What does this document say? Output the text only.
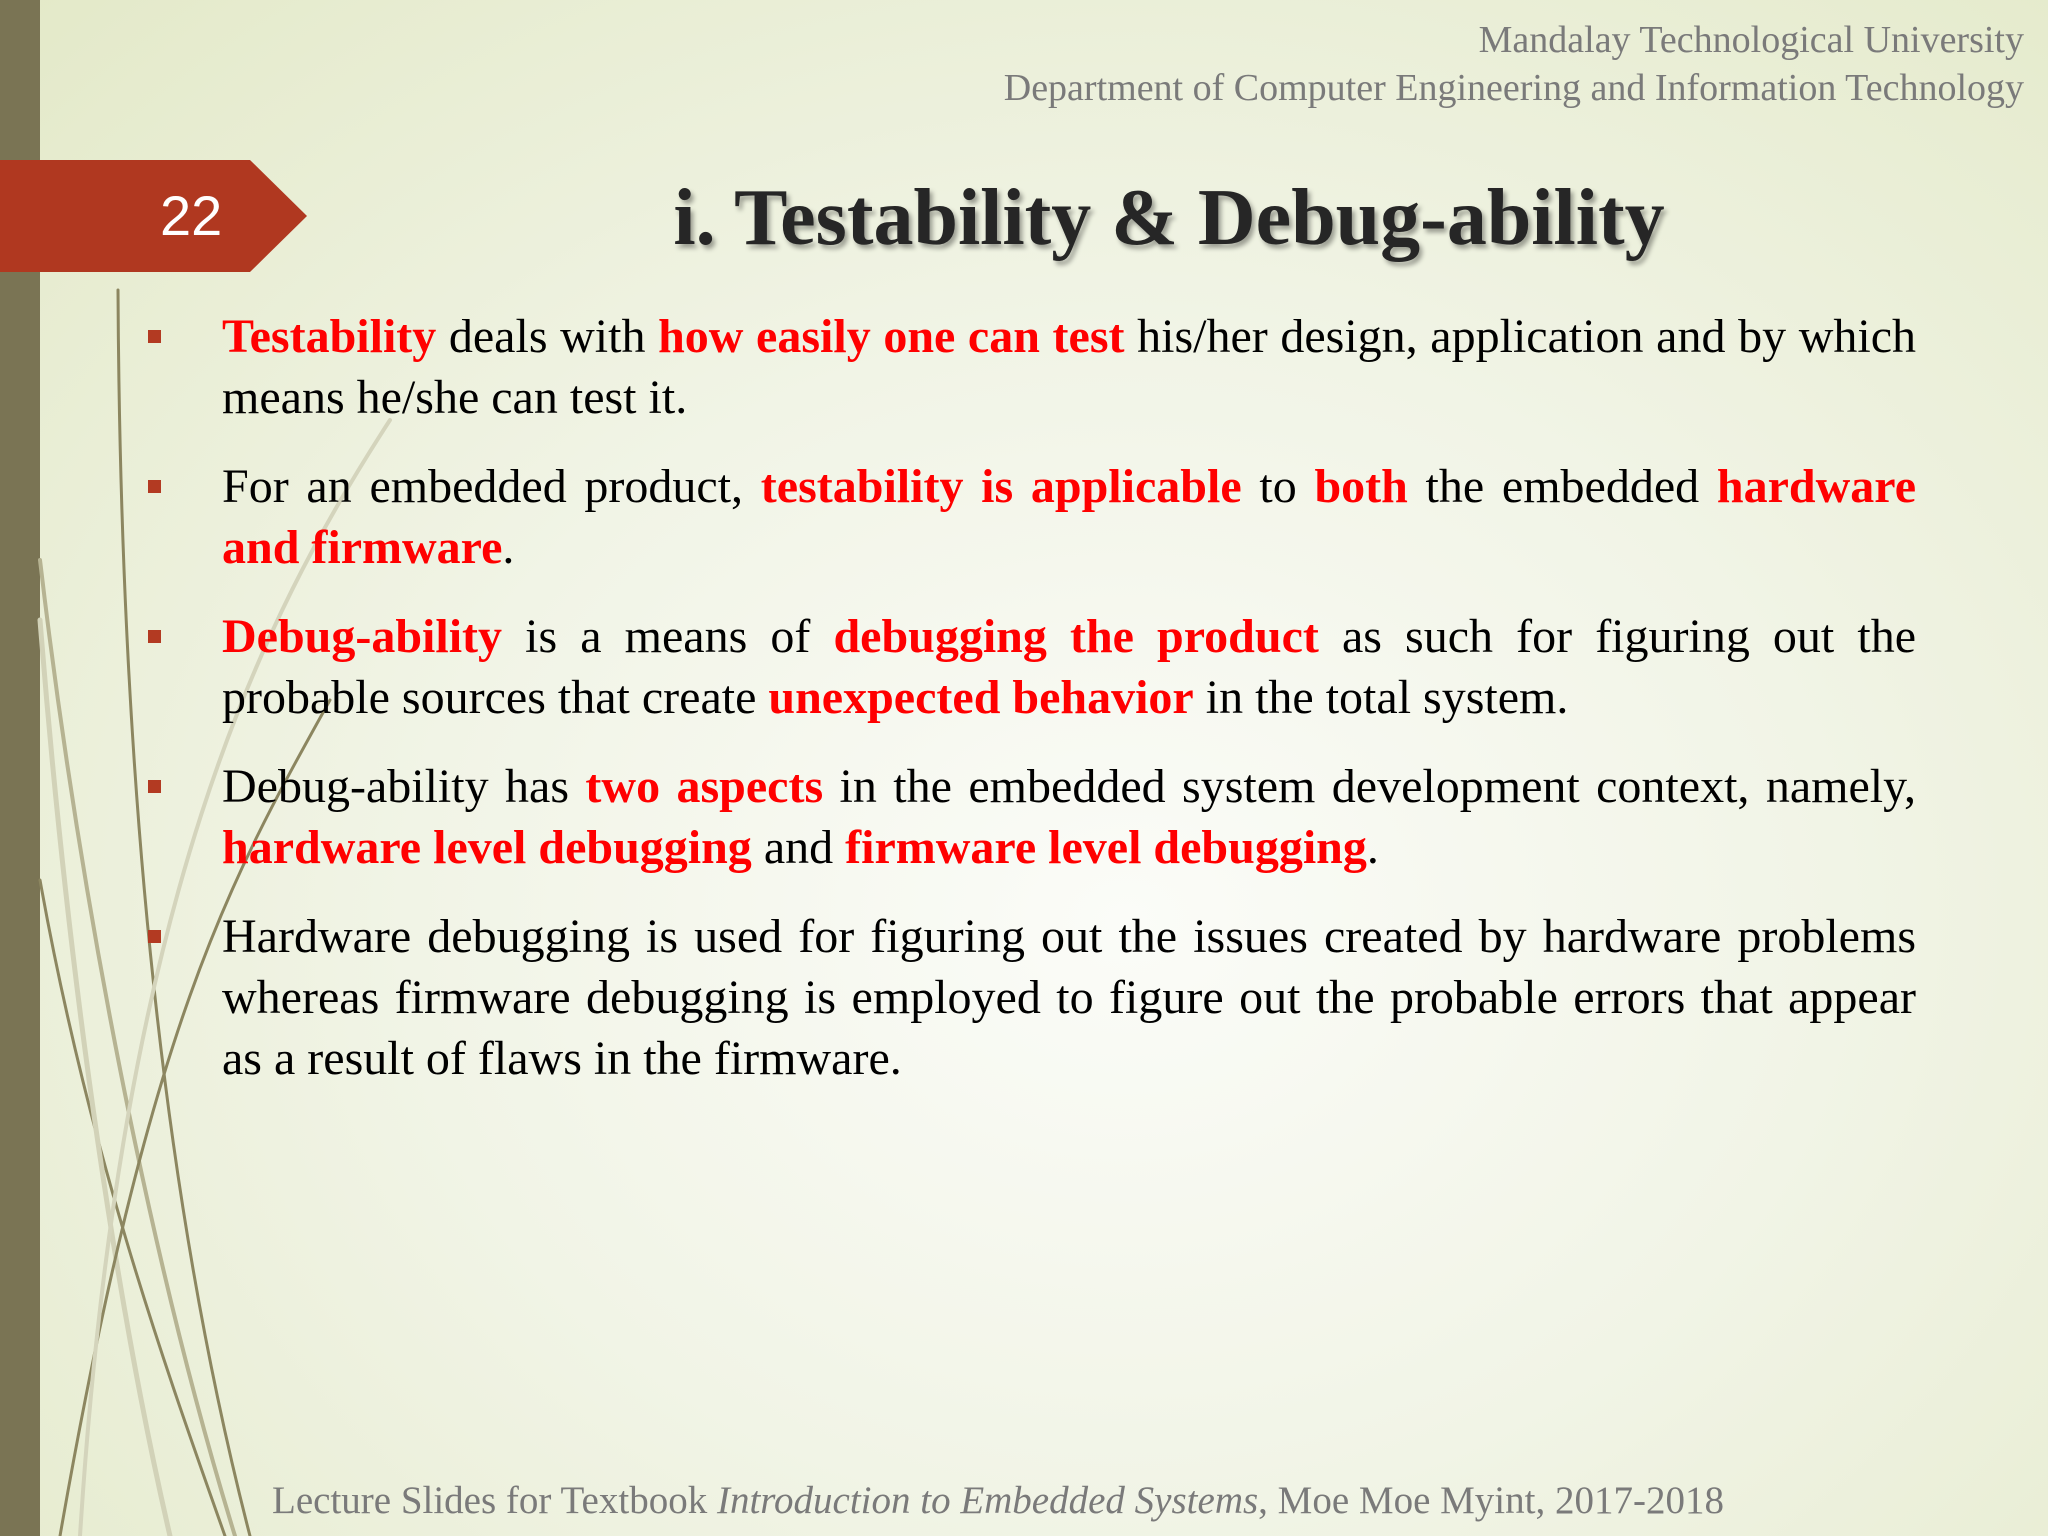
Mandalay Technological University
Department of Computer Engineering and Information Technology
22	i. Testability & Debug-ability
Testability deals with how easily one can test his/her design, application and by which means he/she can test it.
For an embedded product, testability is applicable to both the embedded hardware and firmware.
Debug-ability is a means of debugging the product as such for figuring out the probable sources that create unexpected behavior in the total system.
Debug-ability has two aspects in the embedded system development context, namely, hardware level debugging and firmware level debugging.
Hardware debugging is used for figuring out the issues created by hardware problems whereas firmware debugging is employed to figure out the probable errors that appear as a result of flaws in the firmware.
Lecture Slides for Textbook Introduction to Embedded Systems, Moe Moe Myint, 2017-2018
